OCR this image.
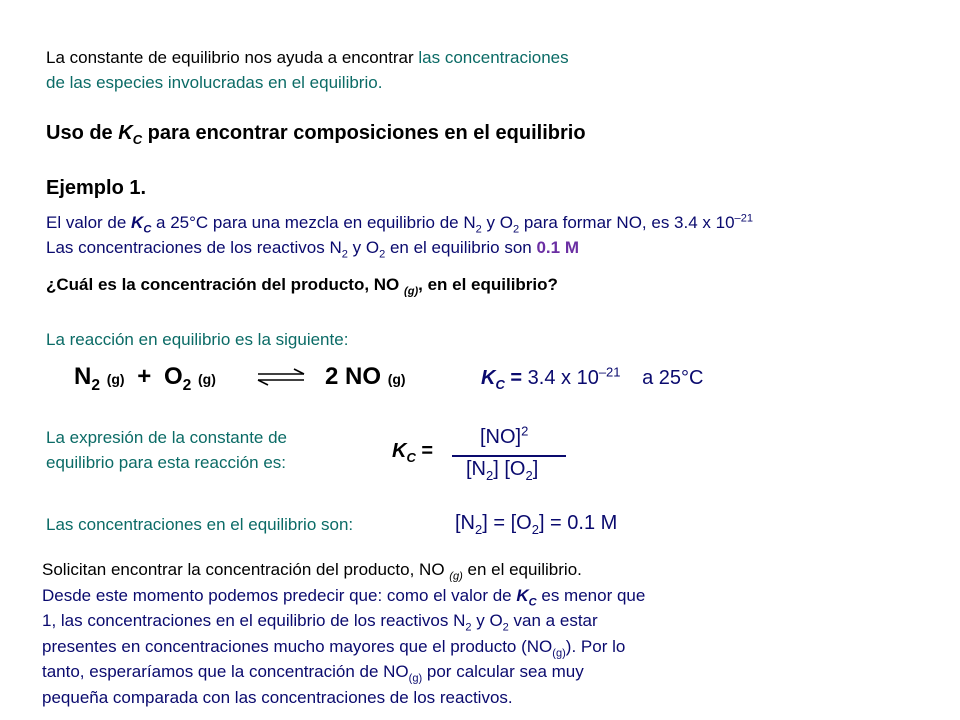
La constante de equilibrio nos ayuda a encontrar las concentraciones
de las especies involucradas en el equilibrio.
Uso de $K_C$ para encontrar composiciones en el equilibrio
Ejemplo 1.
El valor de $K_C$ a 25°C para una mezcla en equilibrio de $N_2$ y $O_2$ para formar NO, es 3.4 x $10^{-21}$
Las concentraciones de los reactivos $N_2$ y $O_2$ en el equilibrio son 0.1 M
¿Cuál es la concentración del producto, NO $_{(g)}$, en el equilibrio?
La reacción en equilibrio es la siguiente:
$N_2$ $(g) + O_2$ (g)	⇌ 2 NO (g)	$K_C = 3.4$ x $10^{-21}$ a 25°C
La expresión de la constante de
equilibrio para esta reacción es:
$K_C$ =
[NO]$^2$
$[N_2]$ $[O_2]$
Las concentraciones en el equilibrio son:	$[N_2] = [O_2] = 0.1$ M
Solicitan encontrar la concentración del producto, NO $_{(g)}$ en el equilibrio.
Desde este momento podemos predecir que: como el valor de $K_C$ es menor que
1, las concentraciones en el equilibrio de los reactivos $N_2$ y $O_2$ van a estar
presentes en concentraciones mucho mayores que el producto $(NO_{(g)})$. Por lo
tanto, esperaríamos que la concentración de $NO_{(g)}$ por calcular sea muy
pequeña comparada con las concentraciones de los reactivos.
